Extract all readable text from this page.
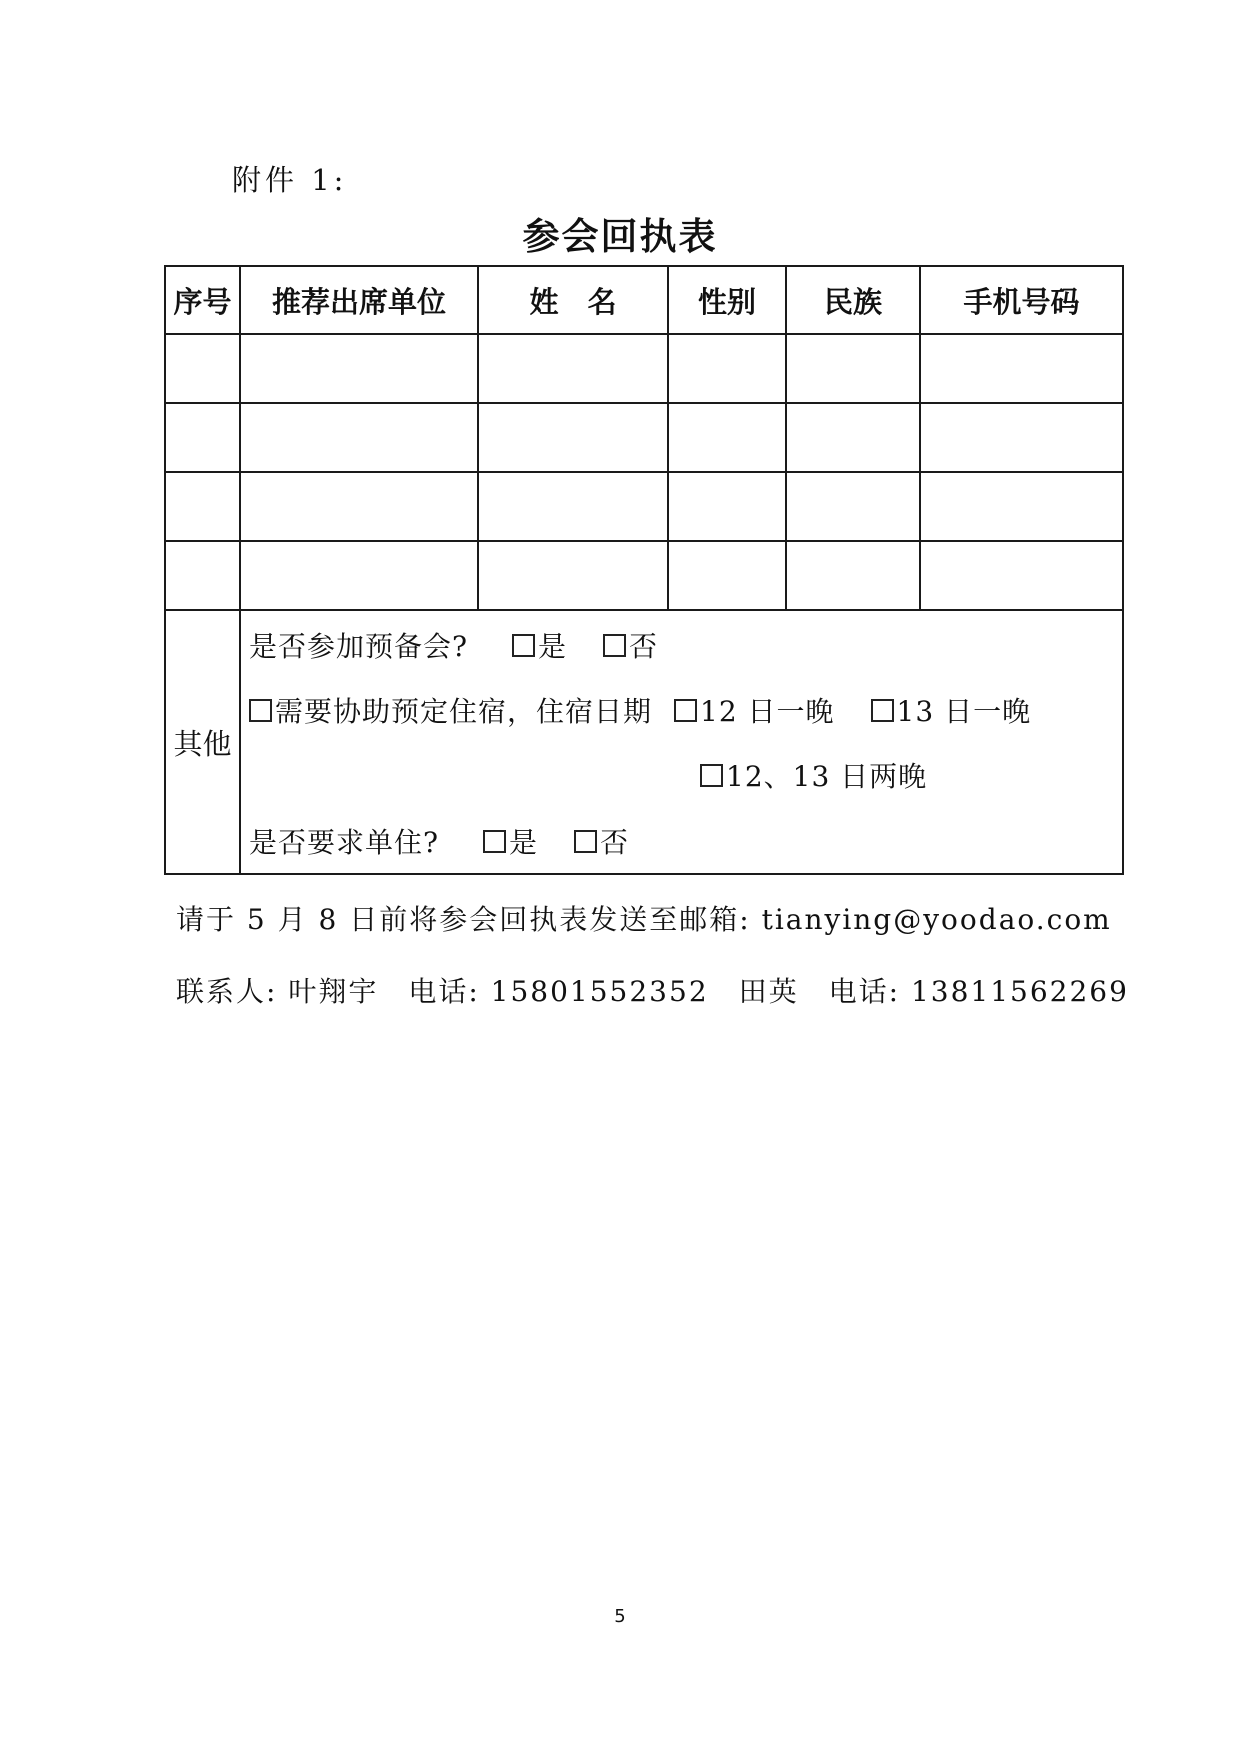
附件 1:
参会回执表
序号	推荐出席单位	姓　名	性别	民族	手机号码

其他	是否参加预备会? 是 否
需要协助预定住宿，住宿日期 12 日一晚 13 日一晚
12、13 日两晚
是否要求单住? 是 否				
请于 5 月 8 日前将参会回执表发送至邮箱: tianying@yoodao.com
联系人: 叶翔宇　电话: 15801552352　田英　电话: 13811562269
5
